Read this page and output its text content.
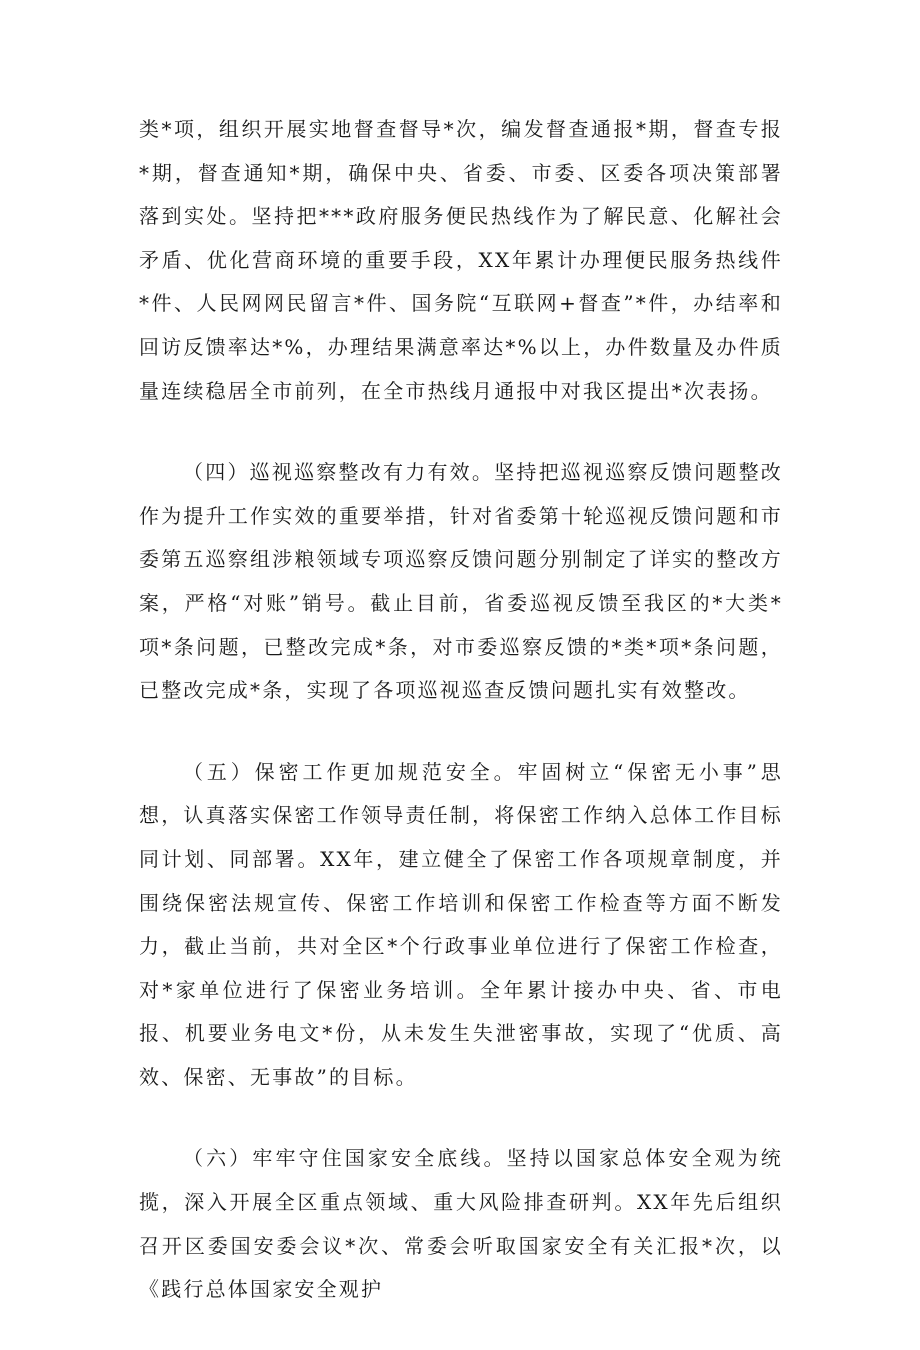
类*项，组织开展实地督查督导*次，编发督查通报*期，督查专报*期，督查通知*期，确保中央、省委、市委、区委各项决策部署落到实处。坚持把***政府服务便民热线作为了解民意、化解社会矛盾、优化营商环境的重要手段，XX年累计办理便民服务热线件*件、人民网网民留言*件、国务院“互联网+督查”*件，办结率和回访反馈率达*%，办理结果满意率达*%以上，办件数量及办件质量连续稳居全市前列，在全市热线月通报中对我区提出*次表扬。

（四）巡视巡察整改有力有效。坚持把巡视巡察反馈问题整改作为提升工作实效的重要举措，针对省委第十轮巡视反馈问题和市委第五巡察组涉粮领域专项巡察反馈问题分别制定了详实的整改方案，严格“对账”销号。截止目前，省委巡视反馈至我区的*大类*项*条问题，已整改完成*条，对市委巡察反馈的*类*项*条问题，已整改完成*条，实现了各项巡视巡查反馈问题扎实有效整改。

（五）保密工作更加规范安全。牢固树立“保密无小事”思想，认真落实保密工作领导责任制，将保密工作纳入总体工作目标同计划、同部署。XX年，建立健全了保密工作各项规章制度，并围绕保密法规宣传、保密工作培训和保密工作检查等方面不断发力，截止当前，共对全区*个行政事业单位进行了保密工作检查，对*家单位进行了保密业务培训。全年累计接办中央、省、市电报、机要业务电文*份，从未发生失泄密事故，实现了“优质、高效、保密、无事故”的目标。

（六）牢牢守住国家安全底线。坚持以国家总体安全观为统揽，深入开展全区重点领域、重大风险排查研判。XX年先后组织召开区委国安委会议*次、常委会听取国家安全有关汇报*次，以《践行总体国家安全观护
